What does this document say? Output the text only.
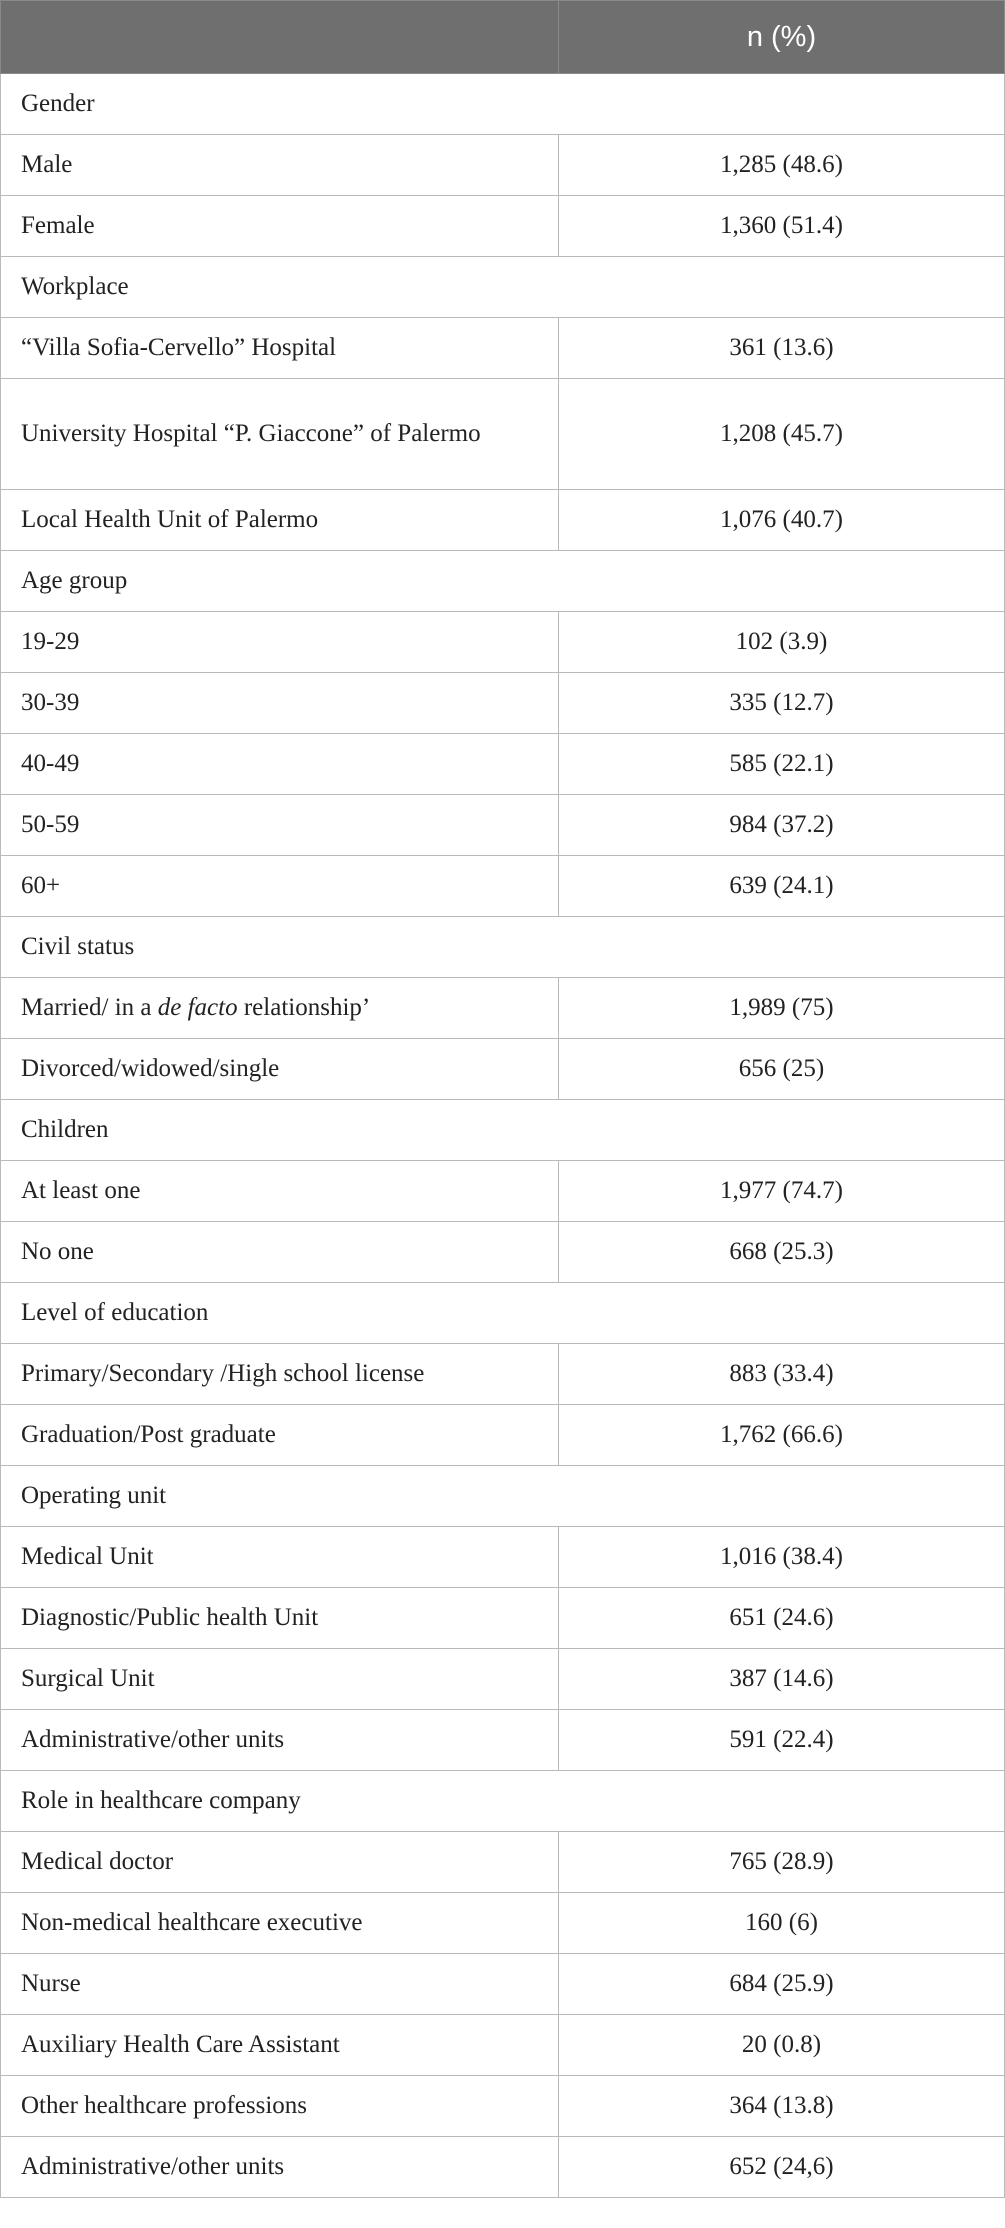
	n (%)
Gender	
Male	1,285 (48.6)
Female	1,360 (51.4)
Workplace	
“Villa Sofia-Cervello” Hospital	361 (13.6)
University Hospital “P. Giaccone” of Palermo	1,208 (45.7)
Local Health Unit of Palermo	1,076 (40.7)
Age group	
19-29	102 (3.9)
30-39	335 (12.7)
40-49	585 (22.1)
50-59	984 (37.2)
60+	639 (24.1)
Civil status	
Married/ in a de facto relationship’	1,989 (75)
Divorced/widowed/single	656 (25)
Children	
At least one	1,977 (74.7)
No one	668 (25.3)
Level of education	
Primary/Secondary /High school license	883 (33.4)
Graduation/Post graduate	1,762 (66.6)
Operating unit	
Medical Unit	1,016 (38.4)
Diagnostic/Public health Unit	651 (24.6)
Surgical Unit	387 (14.6)
Administrative/other units	591 (22.4)
Role in healthcare company	
Medical doctor	765 (28.9)
Non-medical healthcare executive	160 (6)
Nurse	684 (25.9)
Auxiliary Health Care Assistant	20 (0.8)
Other healthcare professions	364 (13.8)
Administrative/other units	652 (24,6)
